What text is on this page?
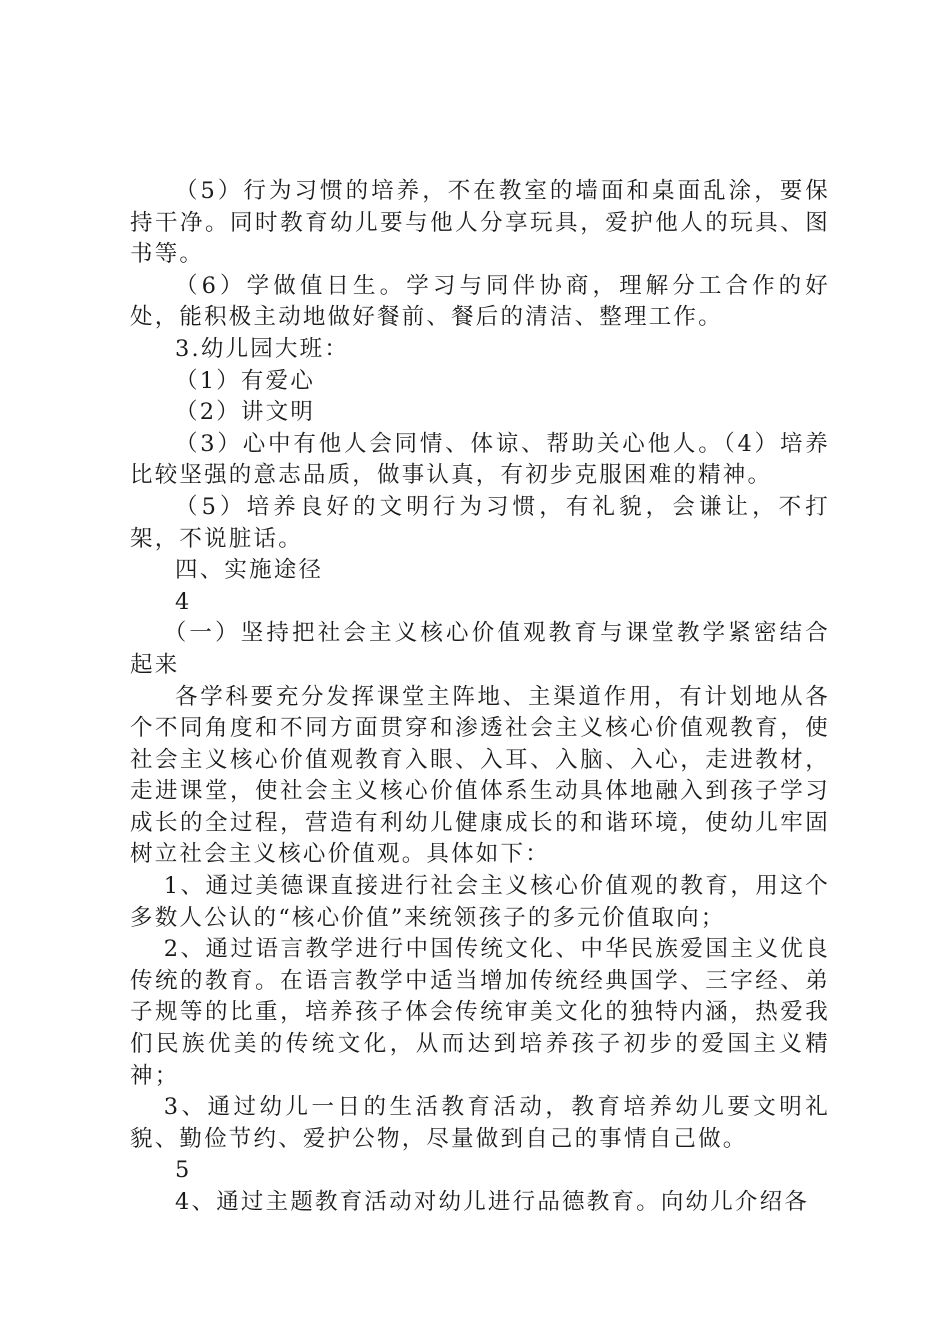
（5）行为习惯的培养，不在教室的墙面和桌面乱涂，要保持干净。同时教育幼儿要与他人分享玩具，爱护他人的玩具、图书等。

（6）学做值日生。学习与同伴协商，理解分工合作的好处，能积极主动地做好餐前、餐后的清洁、整理工作。

3.幼儿园大班：

（1）有爱心

（2）讲文明

（3）心中有他人会同情、体谅、帮助关心他人。（4）培养比较坚强的意志品质，做事认真，有初步克服困难的精神。

（5）培养良好的文明行为习惯，有礼貌，会谦让，不打架，不说脏话。

四、实施途径

4

（一）坚持把社会主义核心价值观教育与课堂教学紧密结合起来

各学科要充分发挥课堂主阵地、主渠道作用，有计划地从各个不同角度和不同方面贯穿和渗透社会主义核心价值观教育，使社会主义核心价值观教育入眼、入耳、入脑、入心，走进教材，走进课堂，使社会主义核心价值体系生动具体地融入到孩子学习成长的全过程，营造有利幼儿健康成长的和谐环境，使幼儿牢固树立社会主义核心价值观。具体如下：

1、通过美德课直接进行社会主义核心价值观的教育，用这个多数人公认的“核心价值”来统领孩子的多元价值取向；

2、通过语言教学进行中国传统文化、中华民族爱国主义优良传统的教育。在语言教学中适当增加传统经典国学、三字经、弟子规等的比重，培养孩子体会传统审美文化的独特内涵，热爱我们民族优美的传统文化，从而达到培养孩子初步的爱国主义精神；

3、通过幼儿一日的生活教育活动，教育培养幼儿要文明礼貌、勤俭节约、爱护公物，尽量做到自己的事情自己做。

5

4、通过主题教育活动对幼儿进行品德教育。向幼儿介绍各
